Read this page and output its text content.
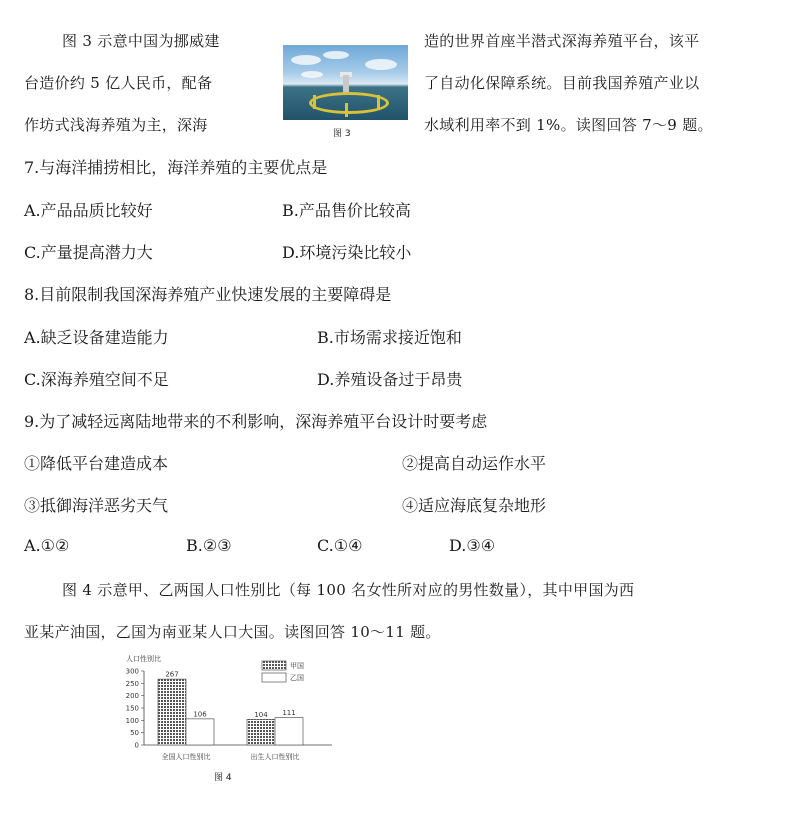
图 3 示意中国为挪威建	造的世界首座半潜式深海养殖平台，该平
台造价约 5 亿人民币，配备	了自动化保障系统。目前我国养殖产业以
作坊式浅海养殖为主，深海	水域利用率不到 1%。读图回答 7～9 题。
图 3
7.与海洋捕捞相比，海洋养殖的主要优点是
A.产品品质比较好	B.产品售价比较高
C.产量提高潜力大	D.环境污染比较小
8.目前限制我国深海养殖产业快速发展的主要障碍是
A.缺乏设备建造能力	B.市场需求接近饱和
C.深海养殖空间不足	D.养殖设备过于昂贵
9.为了减轻远离陆地带来的不利影响，深海养殖平台设计时要考虑
①降低平台建造成本	②提高自动运作水平
③抵御海洋恶劣天气	④适应海底复杂地形
A.①②	B.②③	C.①④	D.③④
图 4 示意甲、乙两国人口性别比（每 100 名女性所对应的男性数量），其中甲国为西
亚某产油国，乙国为南亚某人口大国。读图回答 10～11 题。
人口性别比
0
50
100
150
200
250
300	267
106
全国人口性别比
104 111
出生人口性别比
甲国
乙国
图 4
